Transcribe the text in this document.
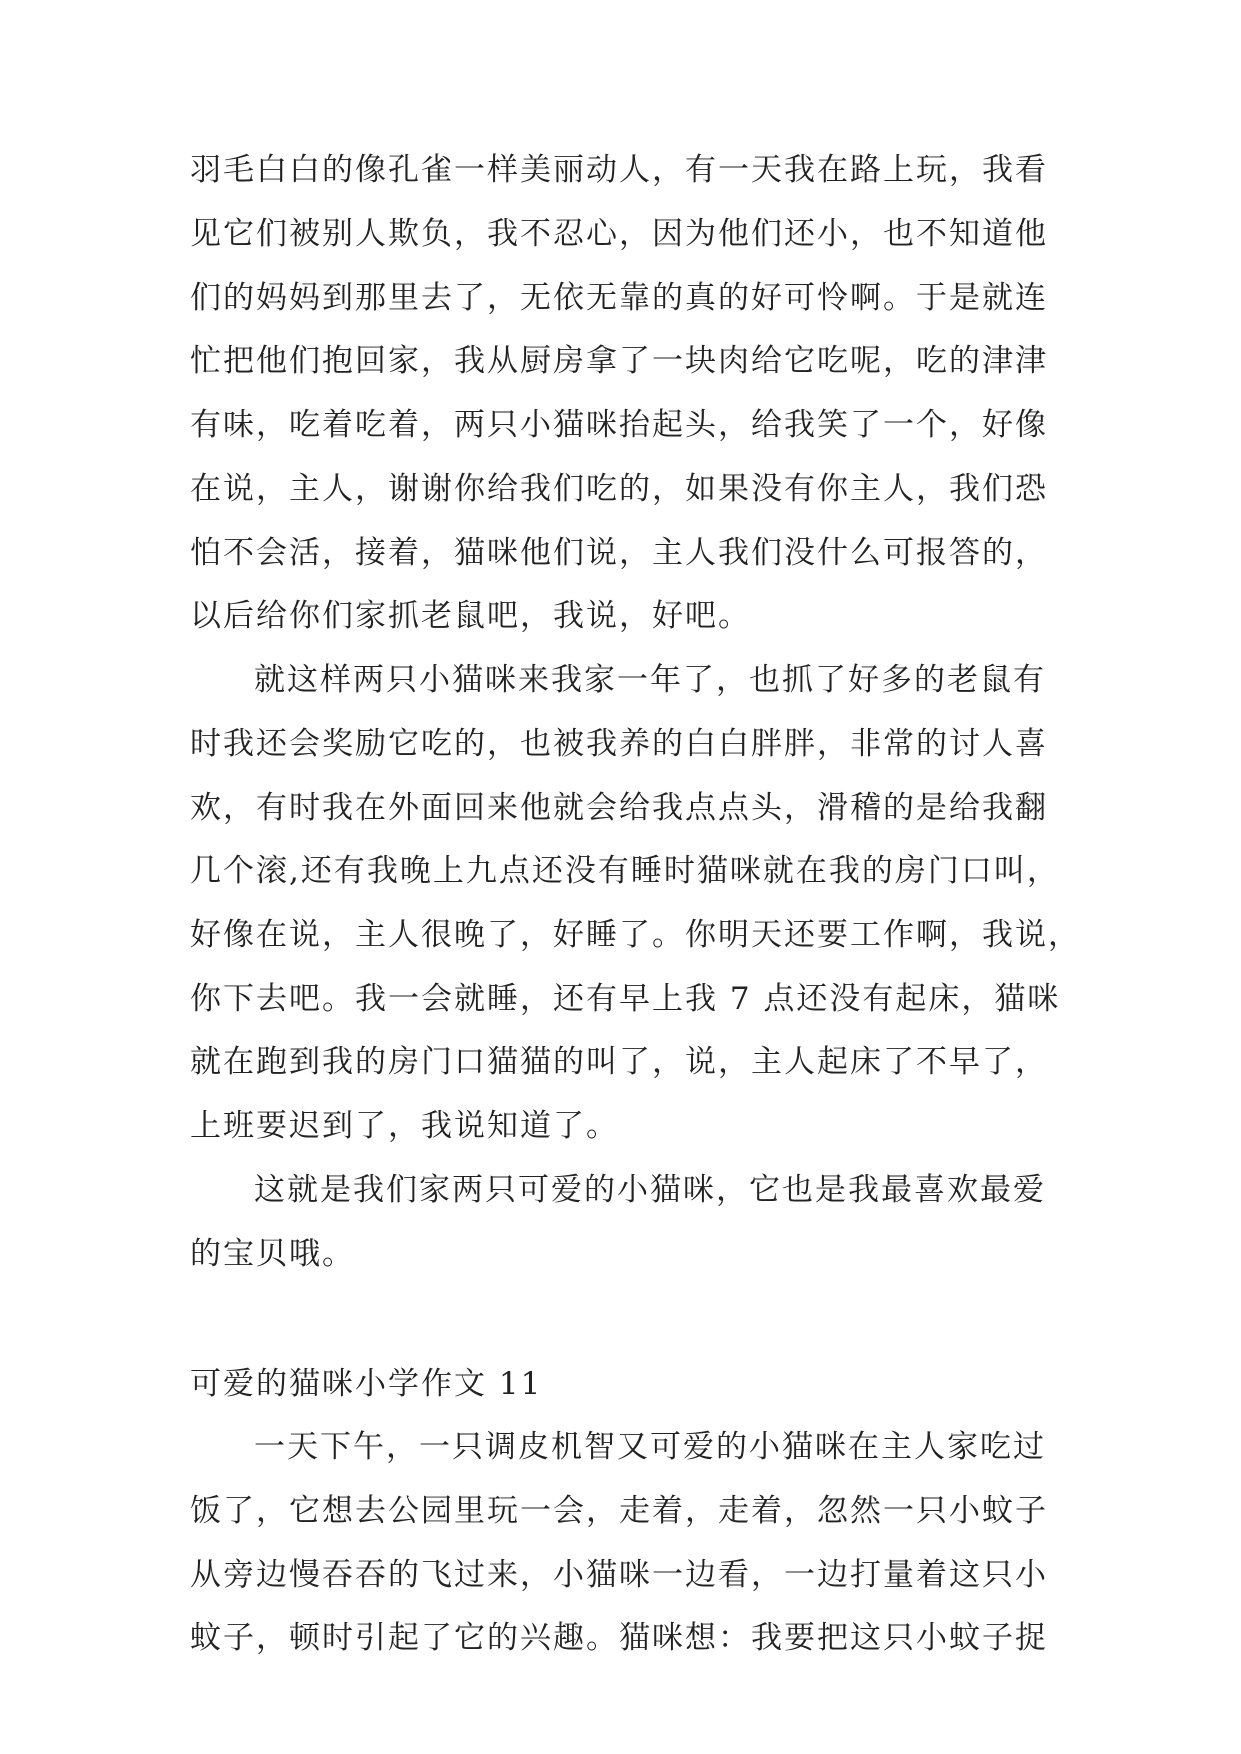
羽毛白白的像孔雀一样美丽动人，有一天我在路上玩，我看
见它们被别人欺负，我不忍心，因为他们还小，也不知道他
们的妈妈到那里去了，无依无靠的真的好可怜啊。于是就连
忙把他们抱回家，我从厨房拿了一块肉给它吃呢，吃的津津
有味，吃着吃着，两只小猫咪抬起头，给我笑了一个，好像
在说，主人，谢谢你给我们吃的，如果没有你主人，我们恐
怕不会活，接着，猫咪他们说，主人我们没什么可报答的，
以后给你们家抓老鼠吧，我说，好吧。
就这样两只小猫咪来我家一年了，也抓了好多的老鼠有
时我还会奖励它吃的，也被我养的白白胖胖，非常的讨人喜
欢，有时我在外面回来他就会给我点点头，滑稽的是给我翻
几个滚,还有我晚上九点还没有睡时猫咪就在我的房门口叫，
好像在说，主人很晚了，好睡了。你明天还要工作啊，我说，
你下去吧。我一会就睡，还有早上我 7 点还没有起床，猫咪
就在跑到我的房门口猫猫的叫了，说，主人起床了不早了，
上班要迟到了，我说知道了。
这就是我们家两只可爱的小猫咪，它也是我最喜欢最爱
的宝贝哦。
可爱的猫咪小学作文 11
一天下午，一只调皮机智又可爱的小猫咪在主人家吃过
饭了，它想去公园里玩一会，走着，走着，忽然一只小蚊子
从旁边慢吞吞的飞过来，小猫咪一边看，一边打量着这只小
蚊子，顿时引起了它的兴趣。猫咪想：我要把这只小蚊子捉
